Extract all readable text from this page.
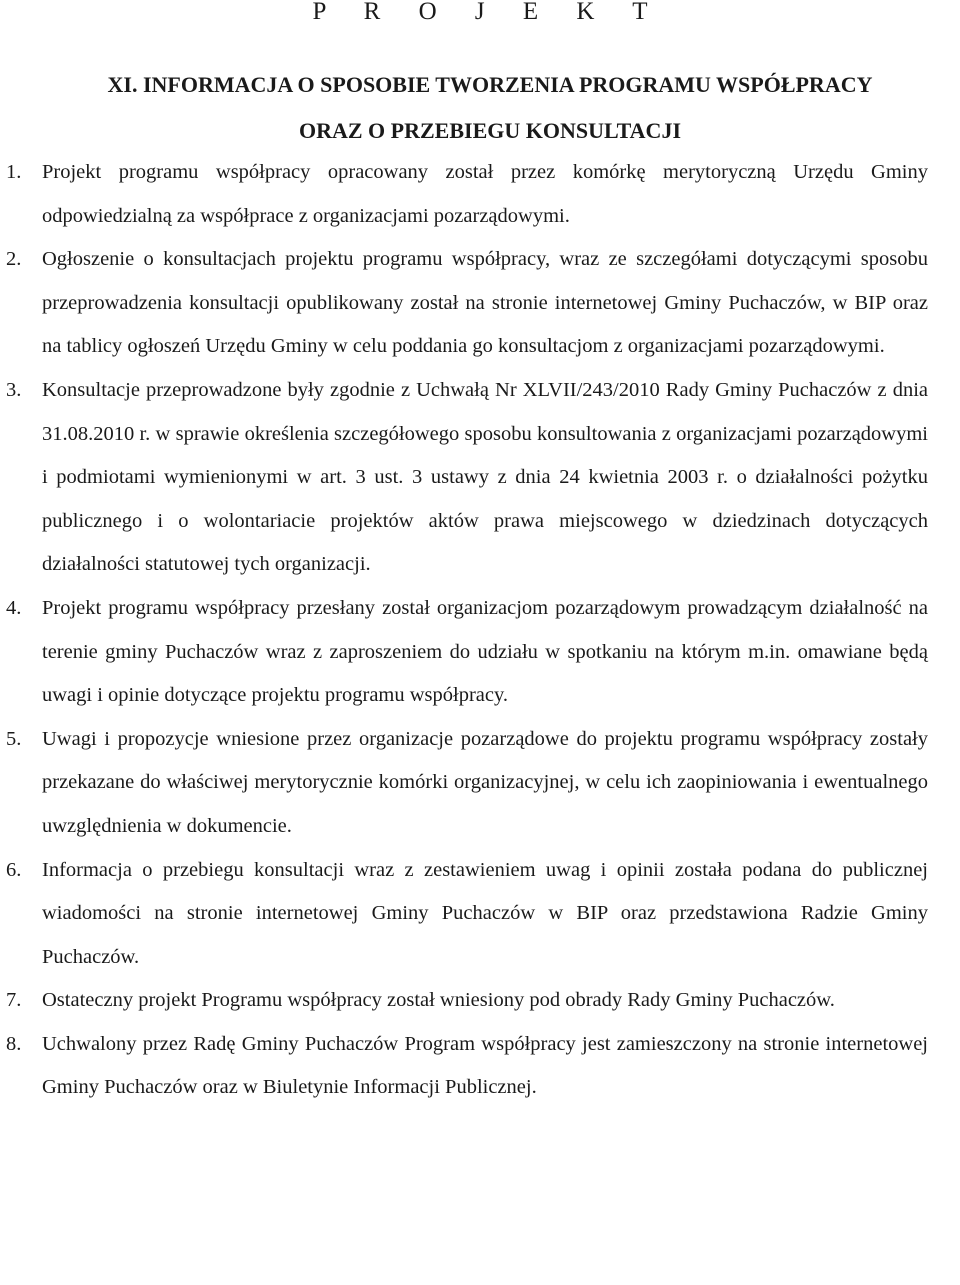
P R O J E K T
XI. INFORMACJA O SPOSOBIE TWORZENIA PROGRAMU WSPÓŁPRACY
ORAZ O PRZEBIEGU KONSULTACJI
1. Projekt programu współpracy opracowany został przez komórkę merytoryczną Urzędu Gminy odpowiedzialną za współprace z organizacjami pozarządowymi.
2. Ogłoszenie o konsultacjach projektu programu współpracy, wraz ze szczegółami dotyczącymi sposobu przeprowadzenia konsultacji opublikowany został na stronie internetowej Gminy Puchaczów, w BIP oraz na tablicy ogłoszeń Urzędu Gminy w celu poddania go konsultacjom z organizacjami pozarządowymi.
3. Konsultacje przeprowadzone były zgodnie z Uchwałą Nr XLVII/243/2010 Rady Gminy Puchaczów z dnia 31.08.2010 r. w sprawie określenia szczegółowego sposobu konsultowania z organizacjami pozarządowymi i podmiotami wymienionymi w art. 3 ust. 3 ustawy z dnia 24 kwietnia 2003 r. o działalności pożytku publicznego i o wolontariacie projektów aktów prawa miejscowego w dziedzinach dotyczących działalności statutowej tych organizacji.
4. Projekt programu współpracy przesłany został organizacjom pozarządowym prowadzącym działalność na terenie gminy Puchaczów wraz z zaproszeniem do udziału w spotkaniu na którym m.in. omawiane będą uwagi i opinie dotyczące projektu programu współpracy.
5. Uwagi i propozycje wniesione przez organizacje pozarządowe do projektu programu współpracy zostały przekazane do właściwej merytorycznie komórki organizacyjnej, w celu ich zaopiniowania i ewentualnego uwzględnienia w dokumencie.
6. Informacja o przebiegu konsultacji wraz z zestawieniem uwag i opinii została podana do publicznej wiadomości na stronie internetowej Gminy Puchaczów w BIP oraz przedstawiona Radzie Gminy Puchaczów.
7. Ostateczny projekt Programu współpracy został wniesiony pod obrady Rady Gminy Puchaczów.
8. Uchwalony przez Radę Gminy Puchaczów Program współpracy jest zamieszczony na stronie internetowej Gminy Puchaczów oraz w Biuletynie Informacji Publicznej.
